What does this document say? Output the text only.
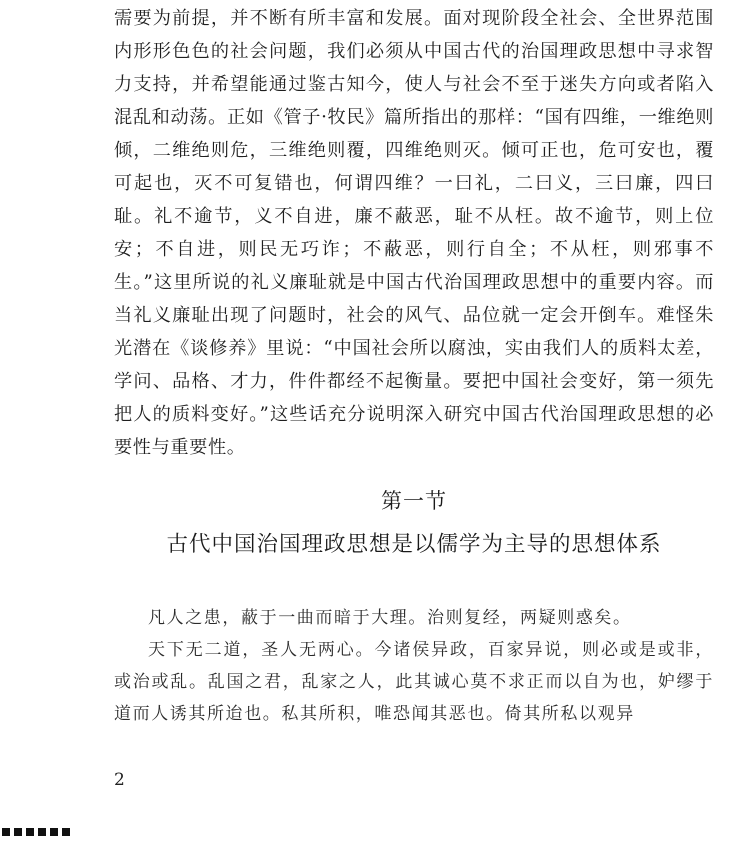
需要为前提，并不断有所丰富和发展。面对现阶段全社会、全世界范围内形形色色的社会问题，我们必须从中国古代的治国理政思想中寻求智力支持，并希望能通过鉴古知今，使人与社会不至于迷失方向或者陷入混乱和动荡。正如《管子·牧民》篇所指出的那样：“国有四维，一维绝则倾，二维绝则危，三维绝则覆，四维绝则灭。倾可正也，危可安也，覆可起也，灭不可复错也，何谓四维？一曰礼，二曰义，三曰廉，四曰耻。礼不逾节，义不自进，廉不蔽恶，耻不从枉。故不逾节，则上位安；不自进，则民无巧诈；不蔽恶，则行自全；不从枉，则邪事不生。”这里所说的礼义廉耻就是中国古代治国理政思想中的重要内容。而当礼义廉耻出现了问题时，社会的风气、品位就一定会开倒车。难怪朱光潜在《谈修养》里说：“中国社会所以腐浊，实由我们人的质料太差，学问、品格、才力，件件都经不起衡量。要把中国社会变好，第一须先把人的质料变好。”这些话充分说明深入研究中国古代治国理政思想的必要性与重要性。

第一节
古代中国治国理政思想是以儒学为主导的思想体系

凡人之患，蔽于一曲而暗于大理。治则复经，两疑则惑矣。

天下无二道，圣人无两心。今诸侯异政，百家异说，则必或是或非，或治或乱。乱国之君，乱家之人，此其诚心莫不求正而以自为也，妒缪于道而人诱其所迨也。私其所积，唯恐闻其恶也。倚其所私以观异

2
